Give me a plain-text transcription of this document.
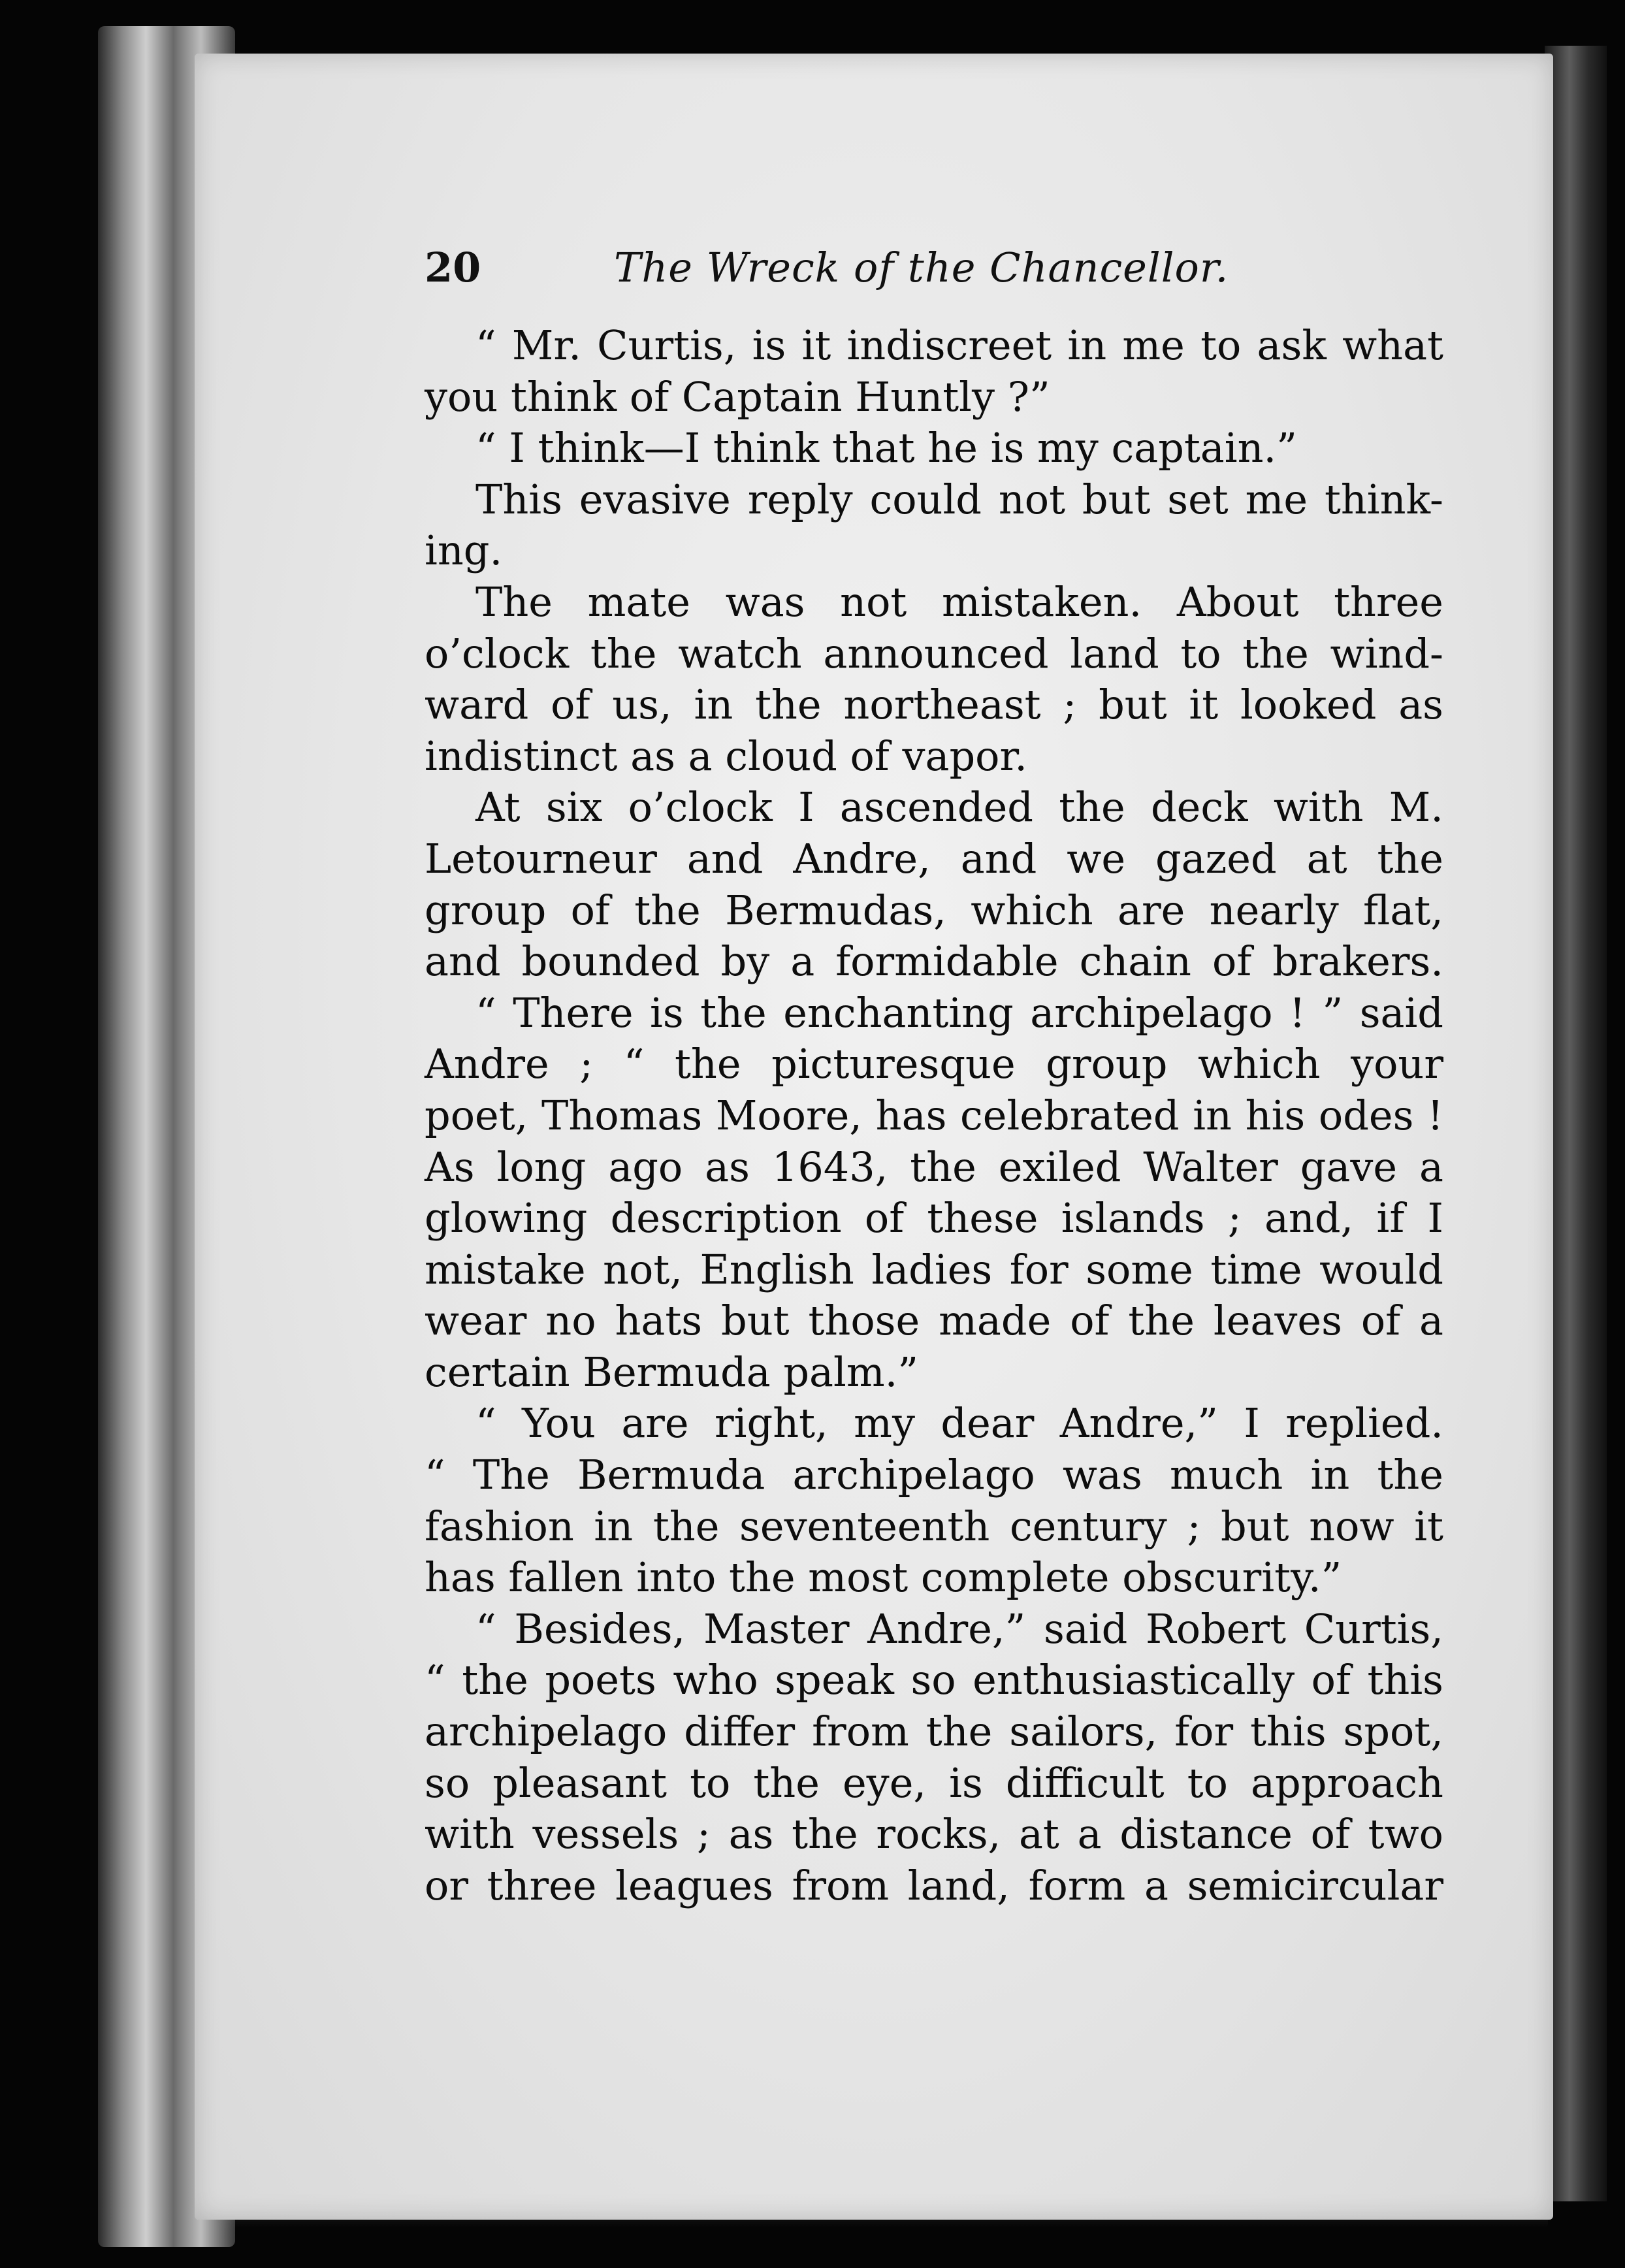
20	The Wreck of the Chancellor.
“ Mr. Curtis, is it indiscreet in me to ask what
you think of Captain Huntly ?”
“ I think—I think that he is my captain.”
This evasive reply could not but set me think-
ing.
The mate was not mistaken. About three
o’clock the watch announced land to the wind-
ward of us, in the northeast ; but it looked as
indistinct as a cloud of vapor.
At six o’clock I ascended the deck with M.
Letourneur and Andre, and we gazed at the
group of the Bermudas, which are nearly flat,
and bounded by a formidable chain of brakers.
“ There is the enchanting archipelago ! ” said
Andre ; “ the picturesque group which your
poet, Thomas Moore, has celebrated in his odes !
As long ago as 1643, the exiled Walter gave a
glowing description of these islands ; and, if I
mistake not, English ladies for some time would
wear no hats but those made of the leaves of a
certain Bermuda palm.”
“ You are right, my dear Andre,” I replied.
“ The Bermuda archipelago was much in the
fashion in the seventeenth century ; but now it
has fallen into the most complete obscurity.”
“ Besides, Master Andre,” said Robert Curtis,
“ the poets who speak so enthusiastically of this
archipelago differ from the sailors, for this spot,
so pleasant to the eye, is difficult to approach
with vessels ; as the rocks, at a distance of two
or three leagues from land, form a semicircular
